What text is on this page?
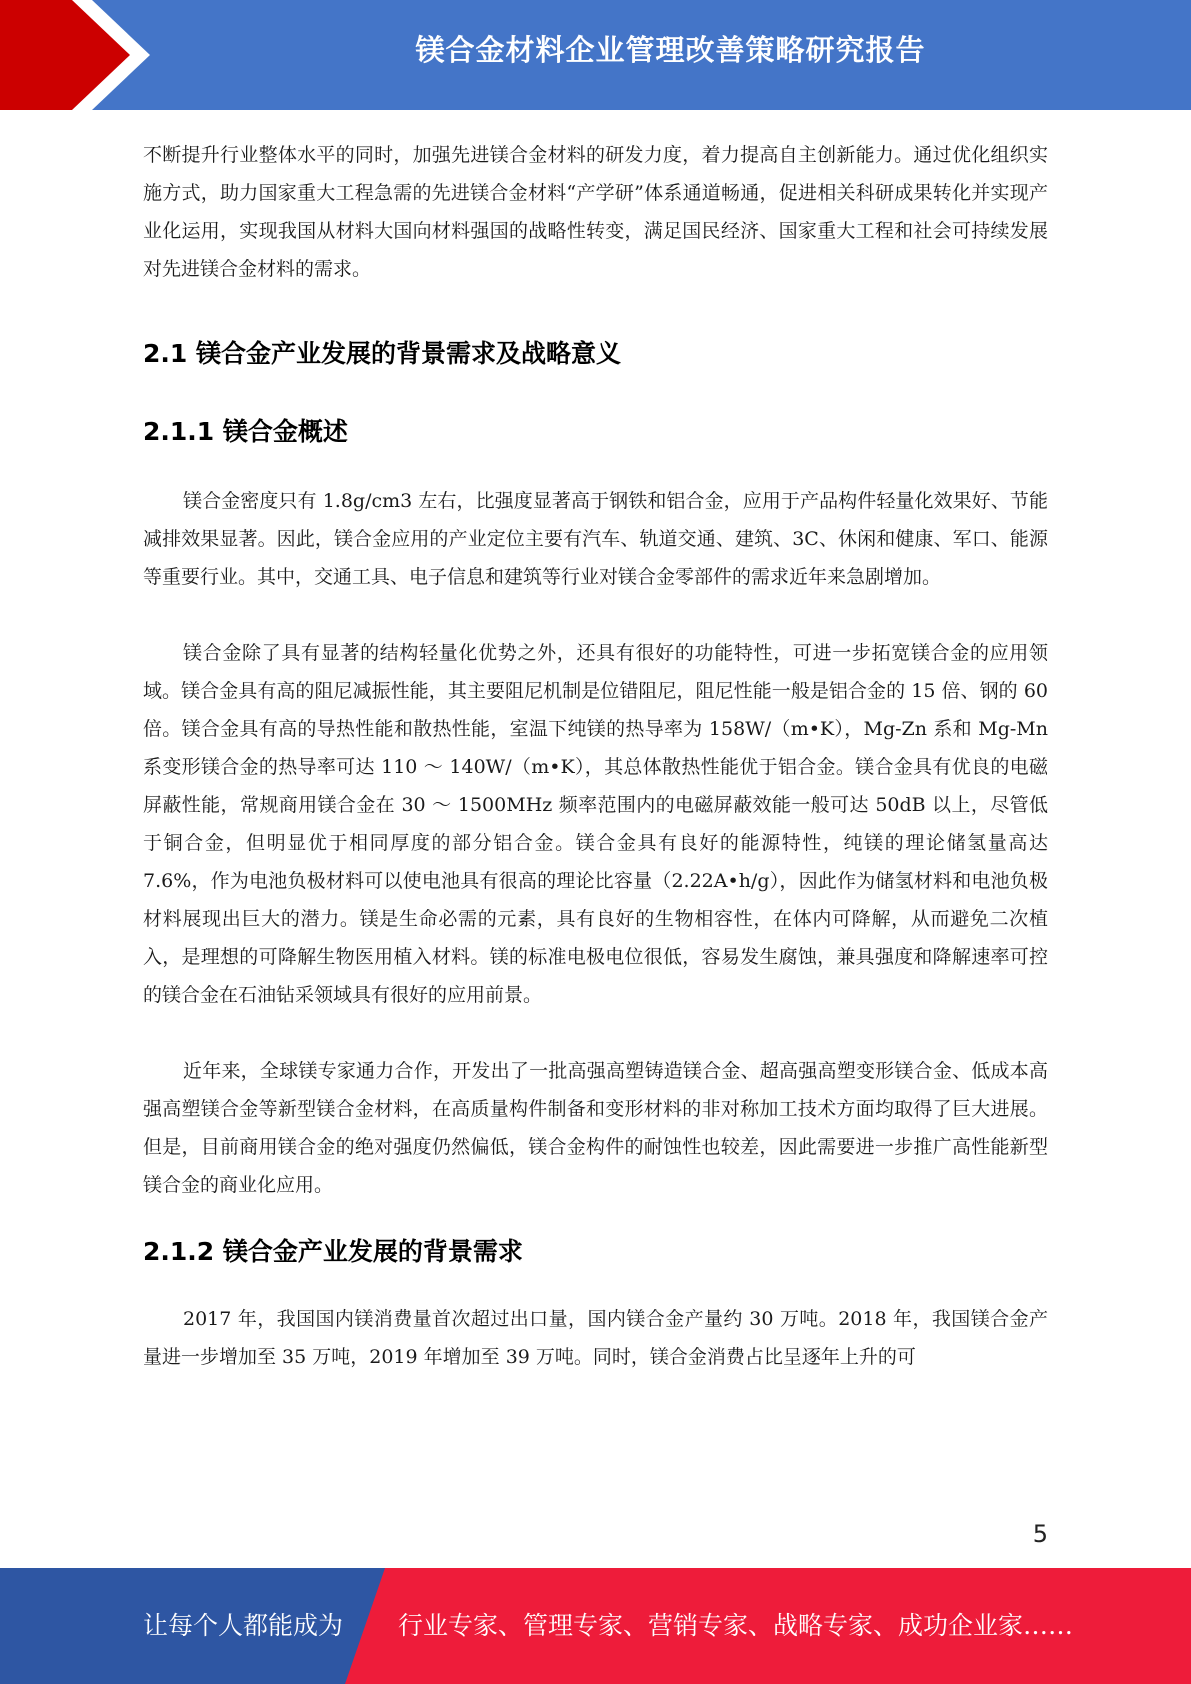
镁合金材料企业管理改善策略研究报告

不断提升行业整体水平的同时，加强先进镁合金材料的研发力度，着力提高自主创新能力。通过优化组织实施方式，助力国家重大工程急需的先进镁合金材料“产学研”体系通道畅通，促进相关科研成果转化并实现产业化运用，实现我国从材料大国向材料强国的战略性转变，满足国民经济、国家重大工程和社会可持续发展对先进镁合金材料的需求。

2.1 镁合金产业发展的背景需求及战略意义
2.1.1 镁合金概述

镁合金密度只有 1.8g/cm3 左右，比强度显著高于钢铁和铝合金，应用于产品构件轻量化效果好、节能减排效果显著。因此，镁合金应用的产业定位主要有汽车、轨道交通、建筑、3C、休闲和健康、军口、能源等重要行业。其中，交通工具、电子信息和建筑等行业对镁合金零部件的需求近年来急剧增加。

镁合金除了具有显著的结构轻量化优势之外，还具有很好的功能特性，可进一步拓宽镁合金的应用领域。镁合金具有高的阻尼减振性能，其主要阻尼机制是位错阻尼，阻尼性能一般是铝合金的 15 倍、钢的 60 倍。镁合金具有高的导热性能和散热性能，室温下纯镁的热导率为 158W/（m•K），Mg-Zn 系和 Mg-Mn 系变形镁合金的热导率可达 110 ～ 140W/（m•K），其总体散热性能优于铝合金。镁合金具有优良的电磁屏蔽性能，常规商用镁合金在 30 ～ 1500MHz 频率范围内的电磁屏蔽效能一般可达 50dB 以上，尽管低于铜合金，但明显优于相同厚度的部分铝合金。镁合金具有良好的能源特性，纯镁的理论储氢量高达 7.6%，作为电池负极材料可以使电池具有很高的理论比容量（2.22A•h/g），因此作为储氢材料和电池负极材料展现出巨大的潜力。镁是生命必需的元素，具有良好的生物相容性，在体内可降解，从而避免二次植入，是理想的可降解生物医用植入材料。镁的标准电极电位很低，容易发生腐蚀，兼具强度和降解速率可控的镁合金在石油钻采领域具有很好的应用前景。

近年来，全球镁专家通力合作，开发出了一批高强高塑铸造镁合金、超高强高塑变形镁合金、低成本高强高塑镁合金等新型镁合金材料，在高质量构件制备和变形材料的非对称加工技术方面均取得了巨大进展。但是，目前商用镁合金的绝对强度仍然偏低，镁合金构件的耐蚀性也较差，因此需要进一步推广高性能新型镁合金的商业化应用。

2.1.2 镁合金产业发展的背景需求

2017 年，我国国内镁消费量首次超过出口量，国内镁合金产量约 30 万吨。2018 年，我国镁合金产量进一步增加至 35 万吨，2019 年增加至 39 万吨。同时，镁合金消费占比呈逐年上升的可

5
让每个人都能成为 行业专家、管理专家、营销专家、战略专家、成功企业家……
